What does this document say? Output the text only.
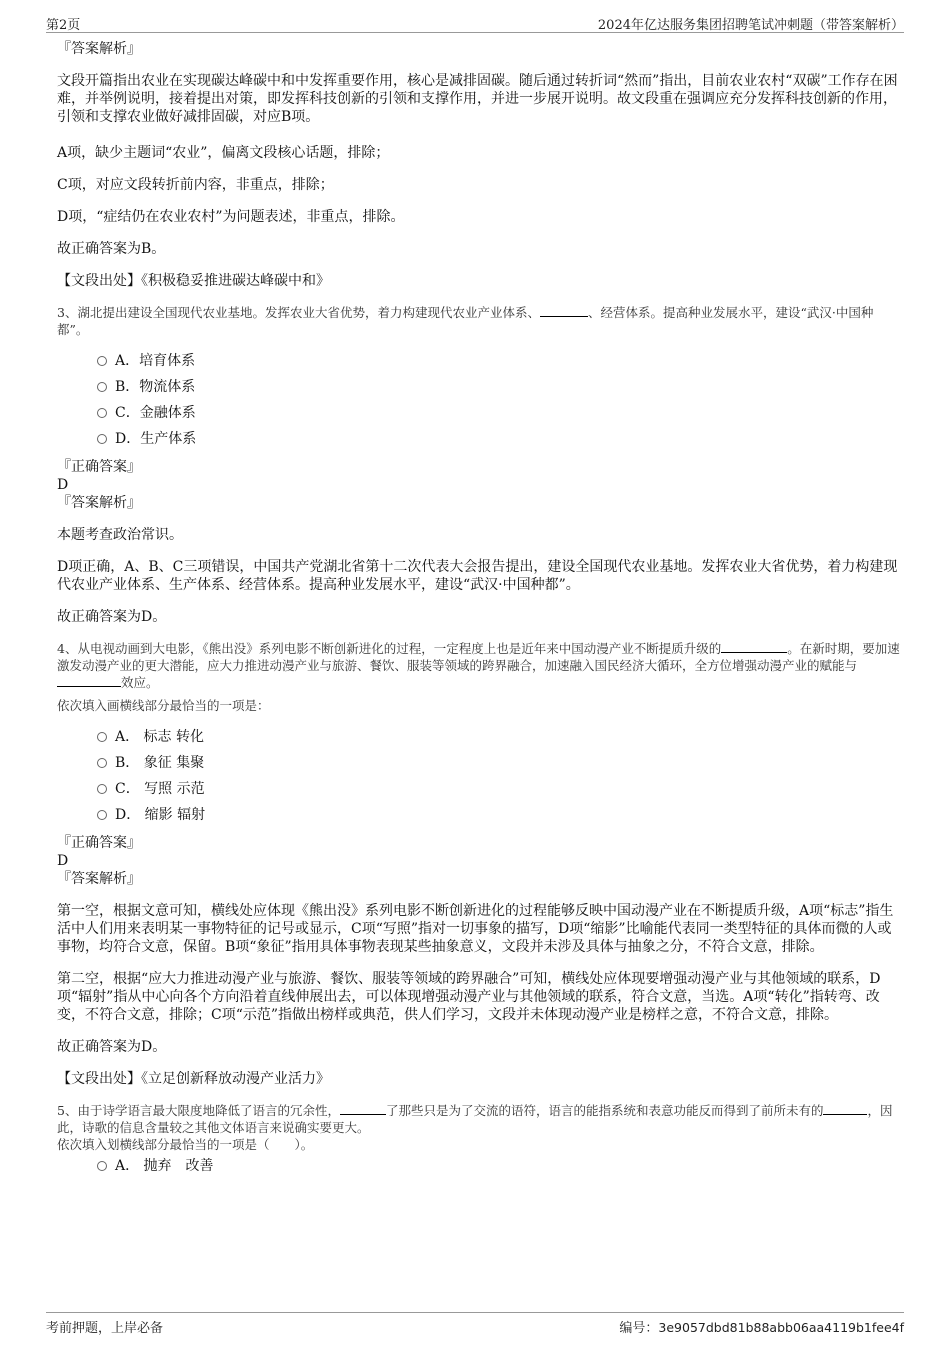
第2页	2024年亿达服务集团招聘笔试冲刺题（带答案解析）

『答案解析』

文段开篇指出农业在实现碳达峰碳中和中发挥重要作用，核心是减排固碳。随后通过转折词“然而”指出，目前农业农村“双碳”工作存在困难，并举例说明，接着提出对策，即发挥科技创新的引领和支撑作用，并进一步展开说明。故文段重在强调应充分发挥科技创新的作用，引领和支撑农业做好减排固碳，对应B项。

A项，缺少主题词“农业”，偏离文段核心话题，排除；

C项，对应文段转折前内容，非重点，排除；

D项，“症结仍在农业农村”为问题表述，非重点，排除。

故正确答案为B。

【文段出处】《积极稳妥推进碳达峰碳中和》

3、湖北提出建设全国现代农业基地。发挥农业大省优势，着力构建现代农业产业体系、	、经营体系。提高种业发展水平，建设“武汉·中国种都”。

A．培育体系
B．物流体系
C．金融体系
D．生产体系

『正确答案』

D

『答案解析』

本题考查政治常识。

D项正确，A、B、C三项错误，中国共产党湖北省第十二次代表大会报告提出，建设全国现代农业基地。发挥农业大省优势，着力构建现代农业产业体系、生产体系、经营体系。提高种业发展水平，建设“武汉·中国种都”。

故正确答案为D。

4、从电视动画到大电影，《熊出没》系列电影不断创新进化的过程，一定程度上也是近年来中国动漫产业不断提质升级的	。在新时期，要加速激发动漫产业的更大潜能，应大力推进动漫产业与旅游、餐饮、服装等领域的跨界融合，加速融入国民经济大循环，全方位增强动漫产业的赋能与效应。

依次填入画横线部分最恰当的一项是：

A． 标志 转化
B． 象征 集聚
C． 写照 示范
D． 缩影 辐射

『正确答案』

D

『答案解析』

第一空，根据文意可知，横线处应体现《熊出没》系列电影不断创新进化的过程能够反映中国动漫产业在不断提质升级，A项“标志”指生活中人们用来表明某一事物特征的记号或显示，C项“写照”指对一切事象的描写，D项“缩影”比喻能代表同一类型特征的具体而微的人或事物，均符合文意，保留。B项“象征”指用具体事物表现某些抽象意义，文段并未涉及具体与抽象之分，不符合文意，排除。

第二空，根据“应大力推进动漫产业与旅游、餐饮、服装等领域的跨界融合”可知，横线处应体现要增强动漫产业与其他领域的联系，D项“辐射”指从中心向各个方向沿着直线伸展出去，可以体现增强动漫产业与其他领域的联系，符合文意，当选。A项“转化”指转弯、改变，不符合文意，排除；C项“示范”指做出榜样或典范，供人们学习，文段并未体现动漫产业是榜样之意，不符合文意，排除。

故正确答案为D。

【文段出处】《立足创新释放动漫产业活力》

5、由于诗学语言最大限度地降低了语言的冗余性，	了那些只是为了交流的语符，语言的能指系统和表意功能反而得到了前所未有的	，因此，诗歌的信息含量较之其他文体语言来说确实要更大。

依次填入划横线部分最恰当的一项是（　　）。

A． 抛弃　改善
考前押题，上岸必备	编号：3e9057dbd81b88abb06aa4119b1fee4f
